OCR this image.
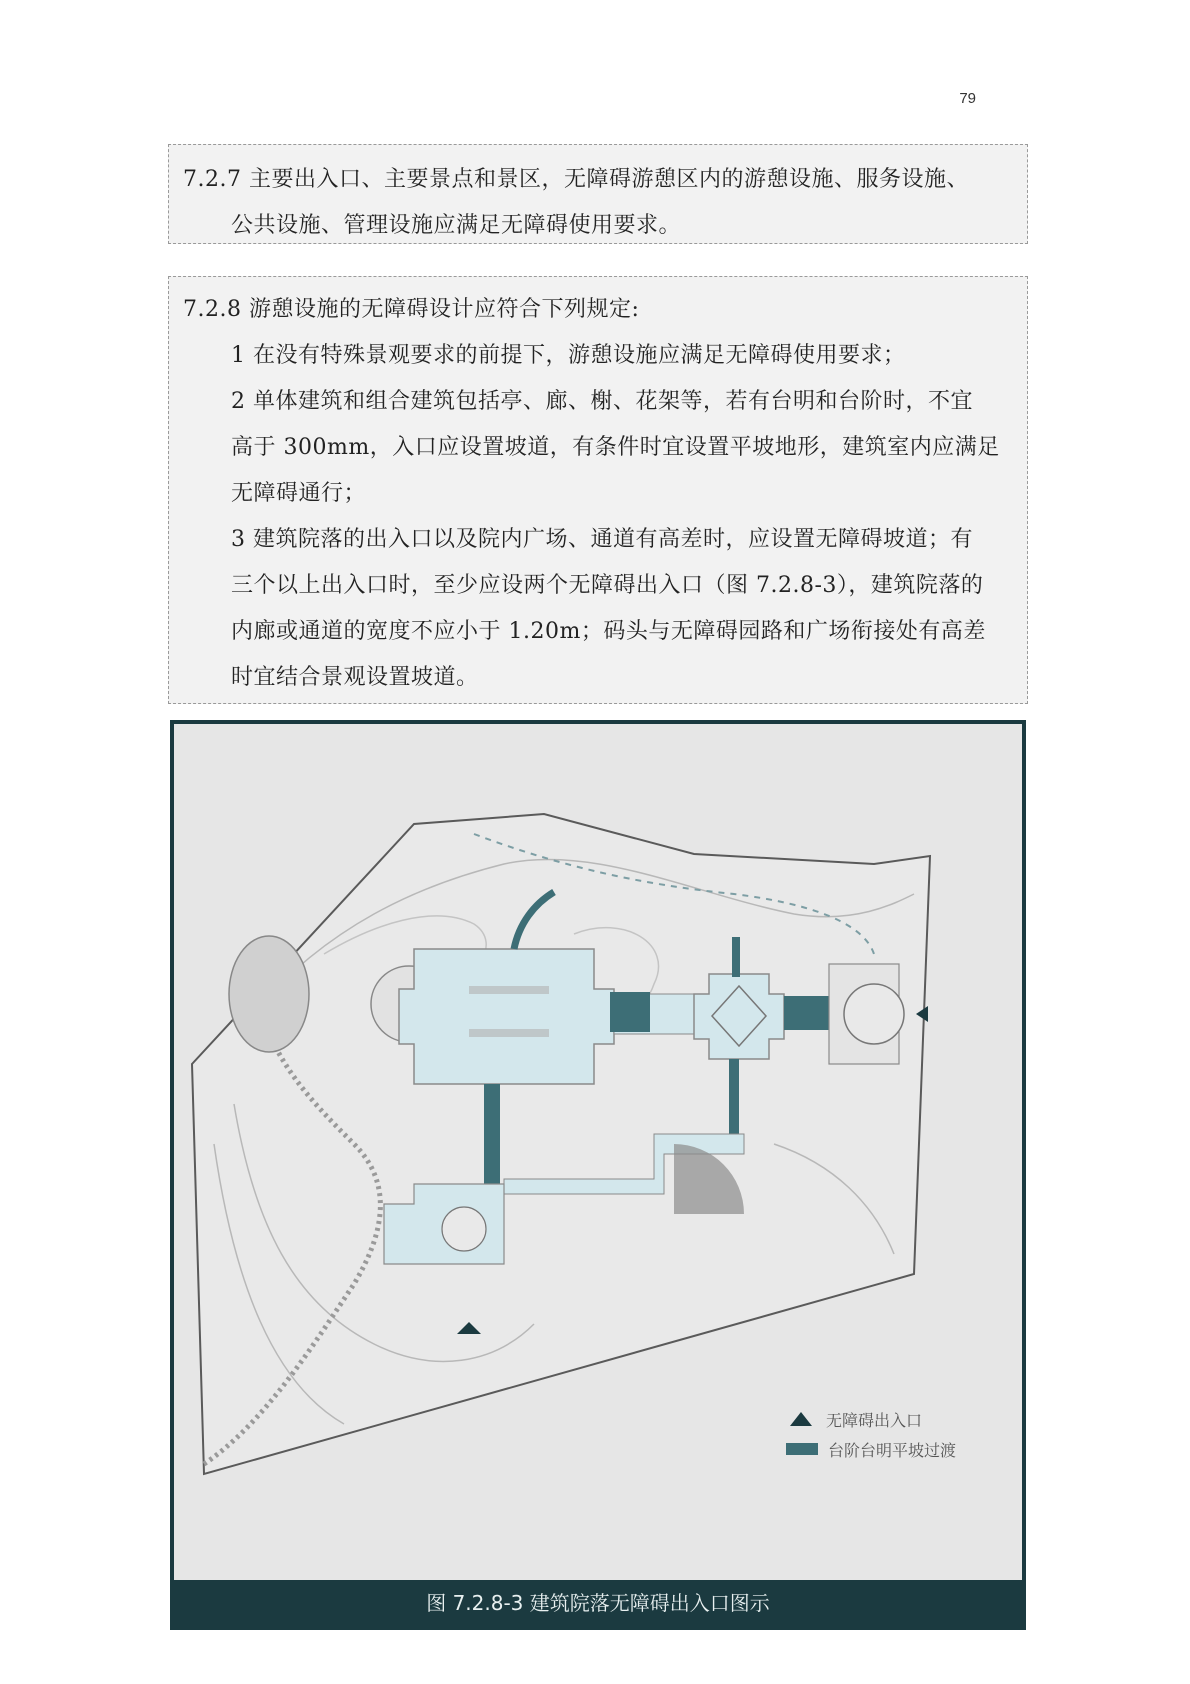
79
7.2.7 主要出入口、主要景点和景区，无障碍游憩区内的游憩设施、服务设施、
公共设施、管理设施应满足无障碍使用要求。
7.2.8 游憩设施的无障碍设计应符合下列规定:
1 在没有特殊景观要求的前提下，游憩设施应满足无障碍使用要求；
2 单体建筑和组合建筑包括亭、廊、榭、花架等，若有台明和台阶时，不宜
高于 300mm，入口应设置坡道，有条件时宜设置平坡地形，建筑室内应满足
无障碍通行；
3 建筑院落的出入口以及院内广场、通道有高差时，应设置无障碍坡道；有
三个以上出入口时，至少应设两个无障碍出入口（图 7.2.8-3），建筑院落的
内廊或通道的宽度不应小于 1.20m；码头与无障碍园路和广场衔接处有高差
时宜结合景观设置坡道。
无障碍出入口
台阶台明平坡过渡
图 7.2.8-3 建筑院落无障碍出入口图示
